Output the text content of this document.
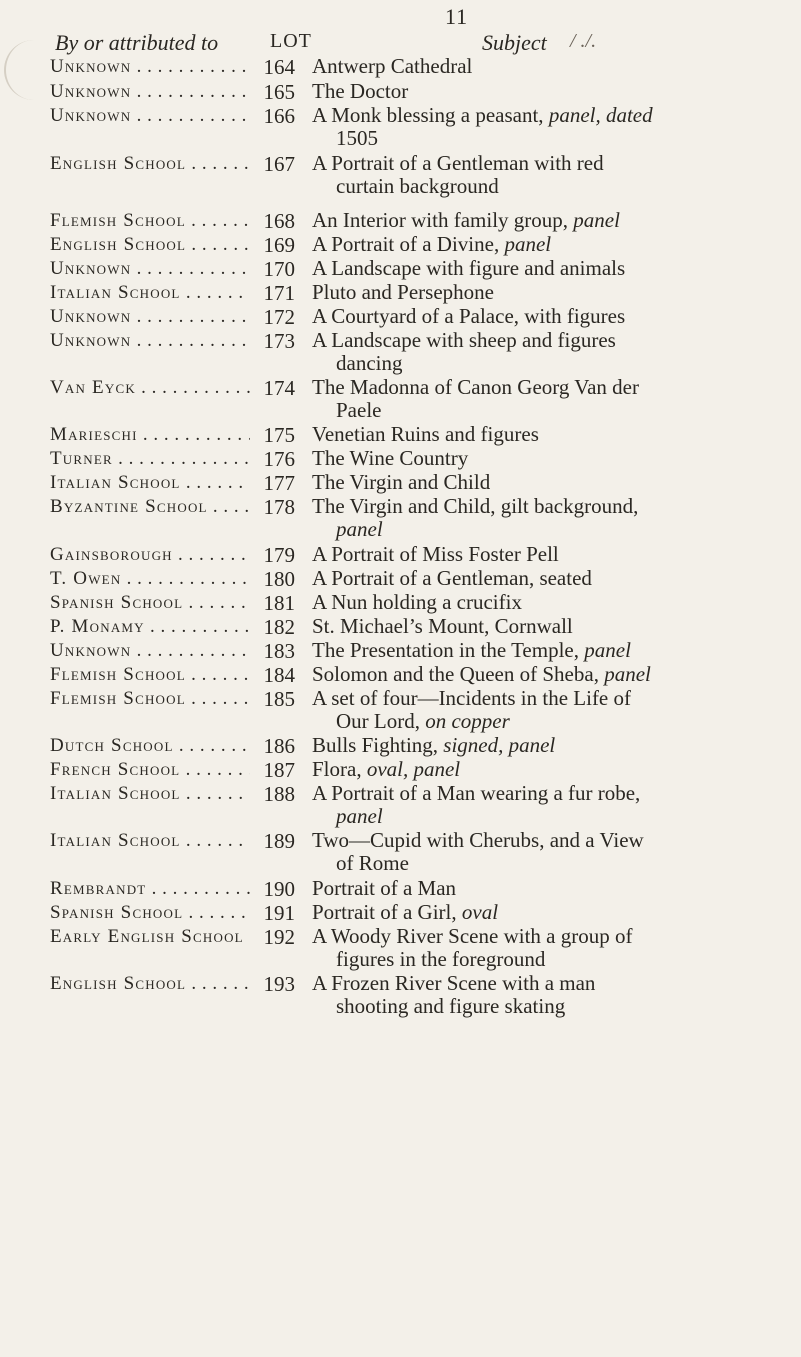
11
By or attributed to	LOT	Subject / ./.
Unknown . . .	164 Antwerp Cathedral
Unknown . . .	165 The Doctor
Unknown . . .	166 A Monk blessing a peasant, panel, dated
1505
English School . . .	167 A Portrait of a Gentleman with red
curtain background
Flemish School . . .	168 An Interior with family group, panel
English School . . .	169 A Portrait of a Divine, panel
Unknown . . .	170 A Landscape with figure and animals
Italian School . . .	171 Pluto and Persephone
Unknown . . .	172 A Courtyard of a Palace, with figures
Unknown . . .	173 A Landscape with sheep and figures
dancing
Van Eyck . . .	174 The Madonna of Canon Georg Van der
Paele
Marieschi . . .	175 Venetian Ruins and figures
Turner . . .	176 The Wine Country
Italian School . . .	177 The Virgin and Child
Byzantine School . . .	178 The Virgin and Child, gilt background,
panel
Gainsborough . . .	179 A Portrait of Miss Foster Pell
T. Owen . . .	180 A Portrait of a Gentleman, seated
Spanish School . . .	181 A Nun holding a crucifix
P. Monamy . . .	182 St. Michael’s Mount, Cornwall
Unknown . . .	183 The Presentation in the Temple, panel
Flemish School . . .	184 Solomon and the Queen of Sheba, panel
Flemish School . . .	185 A set of four—Incidents in the Life of
Our Lord, on copper
Dutch School . . .	186 Bulls Fighting, signed, panel
French School . . .	187 Flora, oval, panel
Italian School . . .	188 A Portrait of a Man wearing a fur robe,
panel
Italian School . . .	189 Two—Cupid with Cherubs, and a View
of Rome
Rembrandt . . .	190 Portrait of a Man
Spanish School . . .	191 Portrait of a Girl, oval
Early English School . . . 192 A Woody River Scene with a group of
figures in the foreground
English School . . .	193 A Frozen River Scene with a man
shooting and figure skating
